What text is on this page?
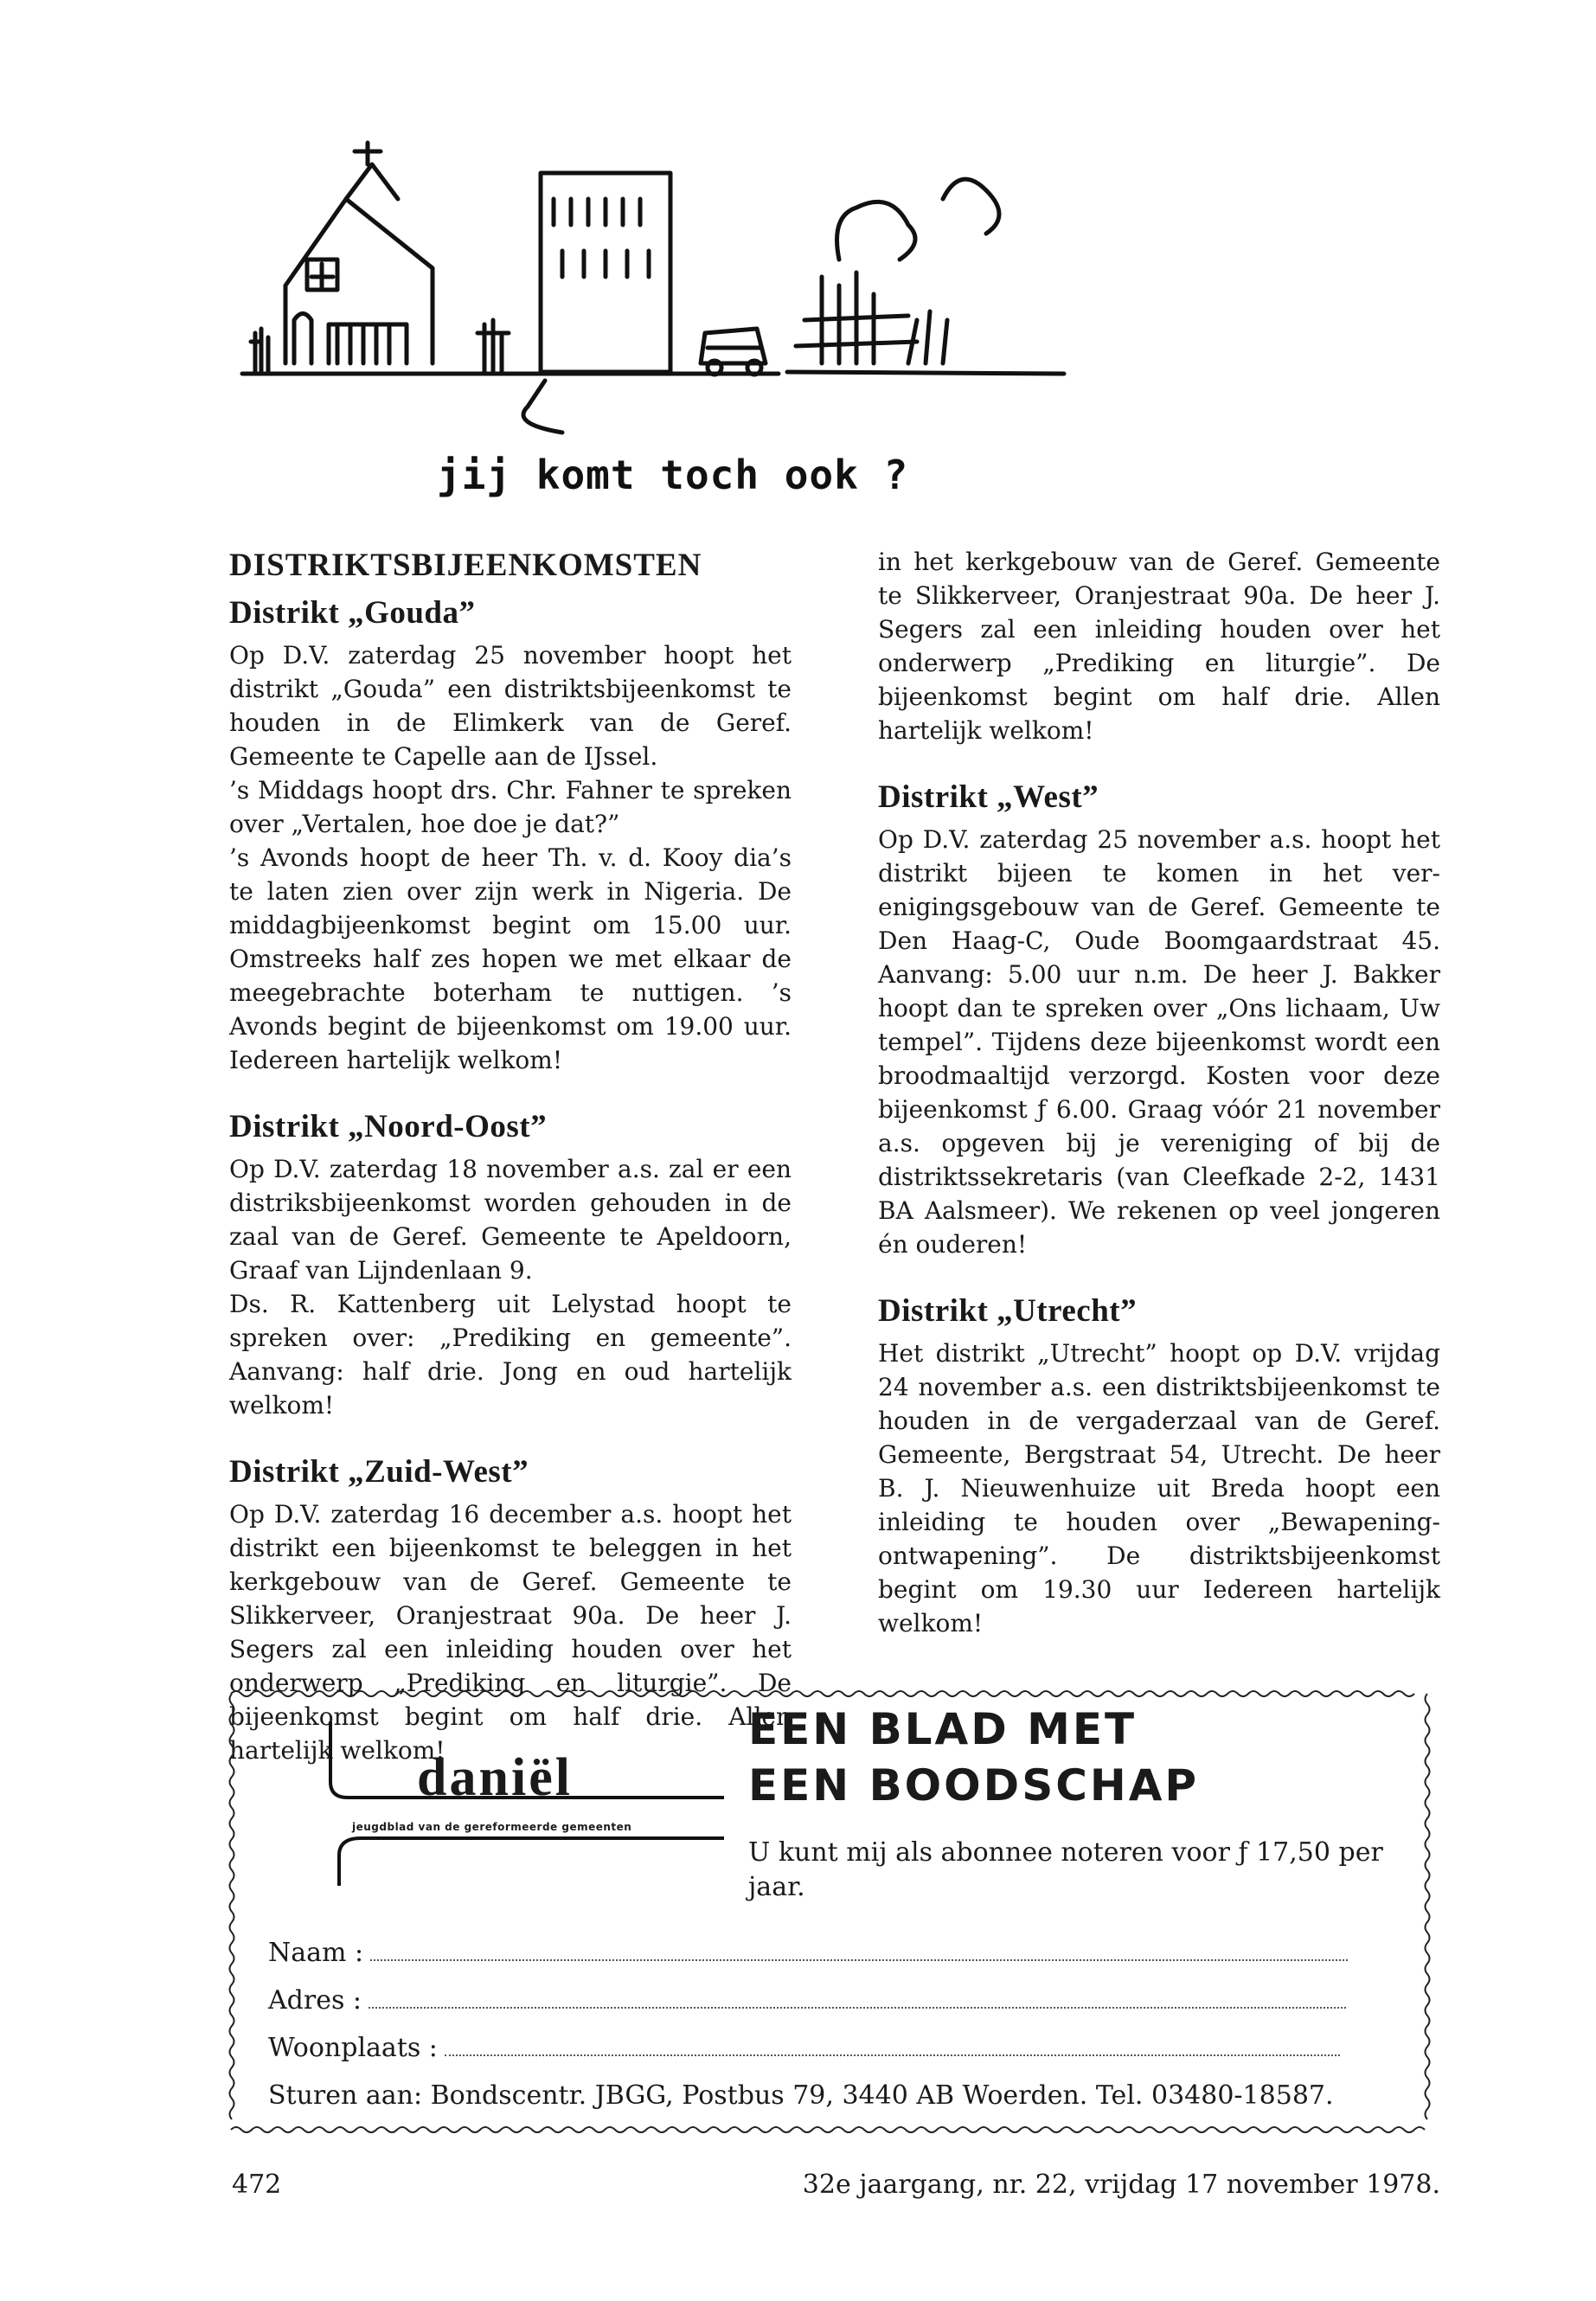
jij komt toch ook ?
DISTRIKTSBIJEENKOMSTEN
Distrikt „Gouda”

Op D.V. zaterdag 25 november hoopt het distrikt „Gouda” een distriktsbijeenkomst te houden in de Elimkerk van de Geref. Gemeente te Capelle aan de IJssel.

’s Middags hoopt drs. Chr. Fahner te spreken over „Vertalen, hoe doe je dat?”

’s Avonds hoopt de heer Th. v. d. Kooy dia’s te laten zien over zijn werk in Nigeria. De middagbijeenkomst begint om 15.00 uur. Omstreeks half zes hopen we met elkaar de meegebrachte boterham te nuttigen. ’s Avonds begint de bijeenkomst om 19.00 uur. Iedereen hartelijk welkom!

Distrikt „Noord-Oost”

Op D.V. zaterdag 18 november a.s. zal er een distriksbijeenkomst worden gehouden in de zaal van de Geref. Gemeente te Apeldoorn, Graaf van Lijndenlaan 9.

Ds. R. Kattenberg uit Lelystad hoopt te spreken over: „Prediking en gemeente”. Aanvang: half drie. Jong en oud hartelijk welkom!

Distrikt „Zuid-West”

Op D.V. zaterdag 16 december a.s. hoopt het distrikt een bijeenkomst te beleggen in het kerkgebouw van de Geref. Gemeente te Slikkerveer, Oranjestraat 90a. De heer J. Segers zal een inleiding houden over het onderwerp „Prediking en liturgie”. De bijeenkomst begint om half drie. Allen hartelijk welkom!

in het kerkgebouw van de Geref. Gemeente te Slikkerveer, Oranjestraat 90a. De heer J. Segers zal een inleiding houden over het onderwerp „Prediking en liturgie”. De bijeenkomst begint om half drie. Allen hartelijk welkom!

Distrikt „West”

Op D.V. zaterdag 25 november a.s. hoopt het distrikt bijeen te komen in het verenigingsgebouw van de Geref. Gemeente te Den Haag-C, Oude Boomgaardstraat 45. Aanvang: 5.00 uur n.m. De heer J. Bakker hoopt dan te spreken over „Ons lichaam, Uw tempel”. Tijdens deze bijeenkomst wordt een broodmaaltijd verzorgd. Kosten voor deze bijeenkomst ƒ 6.00. Graag vóór 21 november a.s. opgeven bij je vereniging of bij de distriktssekretaris (van Cleefkade 2-2, 1431 BA Aalsmeer). We rekenen op veel jongeren én ouderen!

Distrikt „Utrecht”

Het distrikt „Utrecht” hoopt op D.V. vrijdag 24 november a.s. een distriktsbijeenkomst te houden in de vergaderzaal van de Geref. Gemeente, Bergstraat 54, Utrecht. De heer B. J. Nieuwenhuize uit Breda hoopt een inleiding te houden over „Bewapening-ontwapening”. De distriktsbijeenkomst begint om 19.30 uur Iedereen hartelijk welkom!

daniël
jeugdblad van de gereformeerde gemeenten
EEN BLAD MET
EEN BOODSCHAP
U kunt mij als abonnee noteren voor ƒ 17,50 per jaar.
Naam :
Adres :
Woonplaats :
Sturen aan: Bondscentr. JBGG, Postbus 79, 3440 AB Woerden. Tel. 03480-18587.
472	32e jaargang, nr. 22, vrijdag 17 november 1978.
